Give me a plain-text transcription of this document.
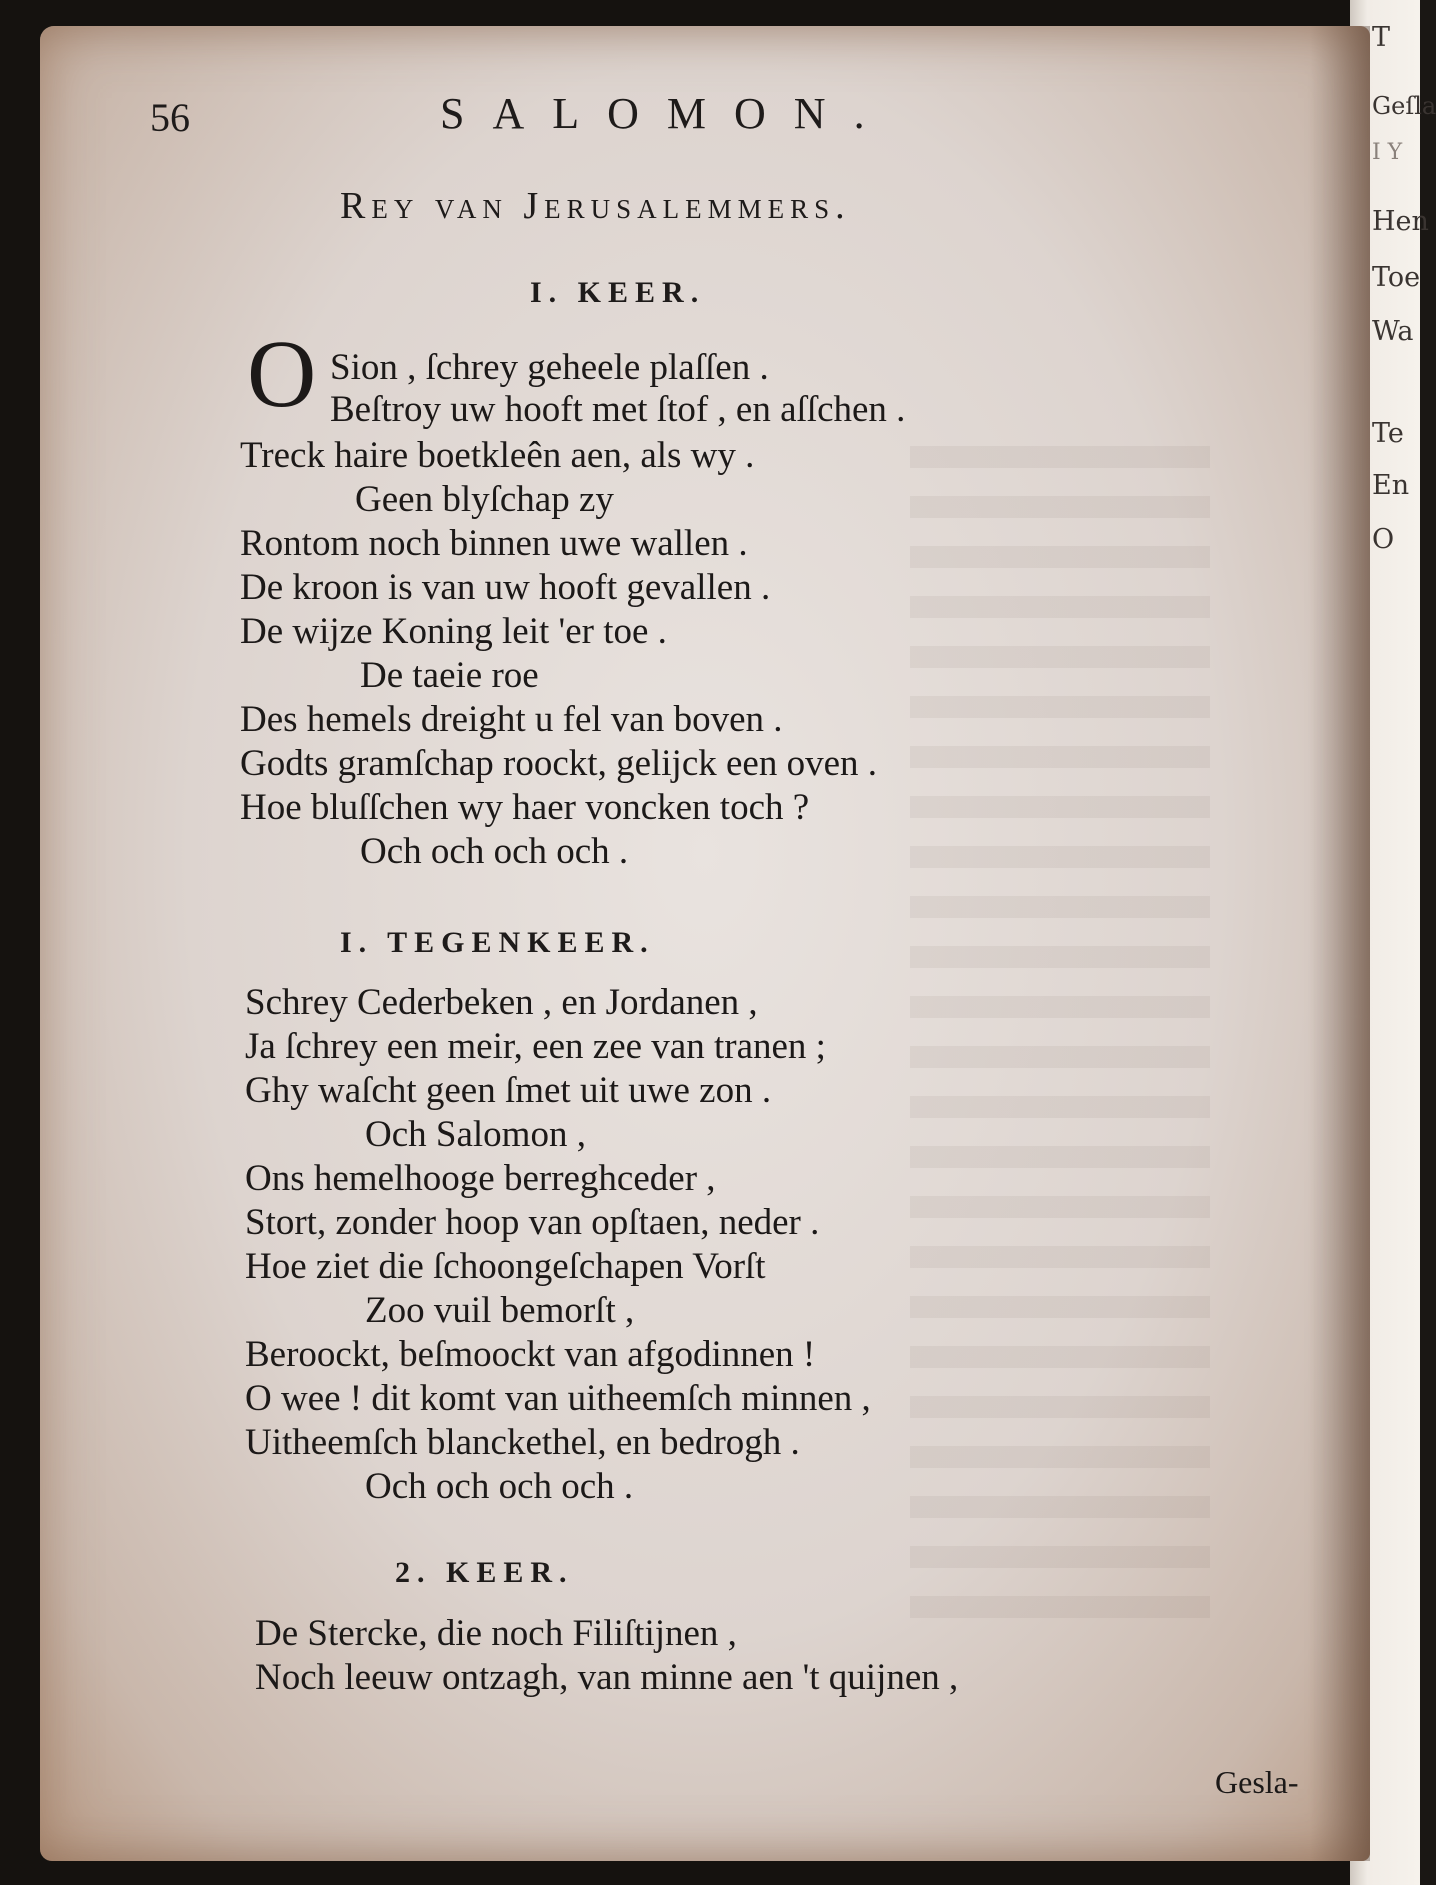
T
Geſla
I Y
Hen
Toe
Wa
Te
En
O
56	SALOMON.
Rey van Jerusalemmers.
I. KEER.
O Sion , ſchrey geheele plaſſen .
Beſtroy uw hooft met ſtof , en aſſchen .
Treck haire boetkleên aen, als wy .
Geen blyſchap zy
Rontom noch binnen uwe wallen .
De kroon is van uw hooft gevallen .
De wijze Koning leit 'er toe .
De taeie roe
Des hemels dreight u fel van boven .
Godts gramſchap roockt, gelijck een oven .
Hoe bluſſchen wy haer voncken toch ?
Och och och och .
I. TEGENKEER.
Schrey Cederbeken , en Jordanen ,
Ja ſchrey een meir, een zee van tranen ;
Ghy waſcht geen ſmet uit uwe zon .
Och Salomon ,
Ons hemelhooge berreghceder ,
Stort, zonder hoop van opſtaen, neder .
Hoe ziet die ſchoongeſchapen Vorſt
Zoo vuil bemorſt ,
Beroockt, beſmoockt van afgodinnen !
O wee ! dit komt van uitheemſch minnen ,
Uitheemſch blanckethel, en bedrogh .
Och och och och .
2. KEER.
De Stercke, die noch Filiſtijnen ,
Noch leeuw ontzagh, van minne aen 't quijnen ,
Gesla-
